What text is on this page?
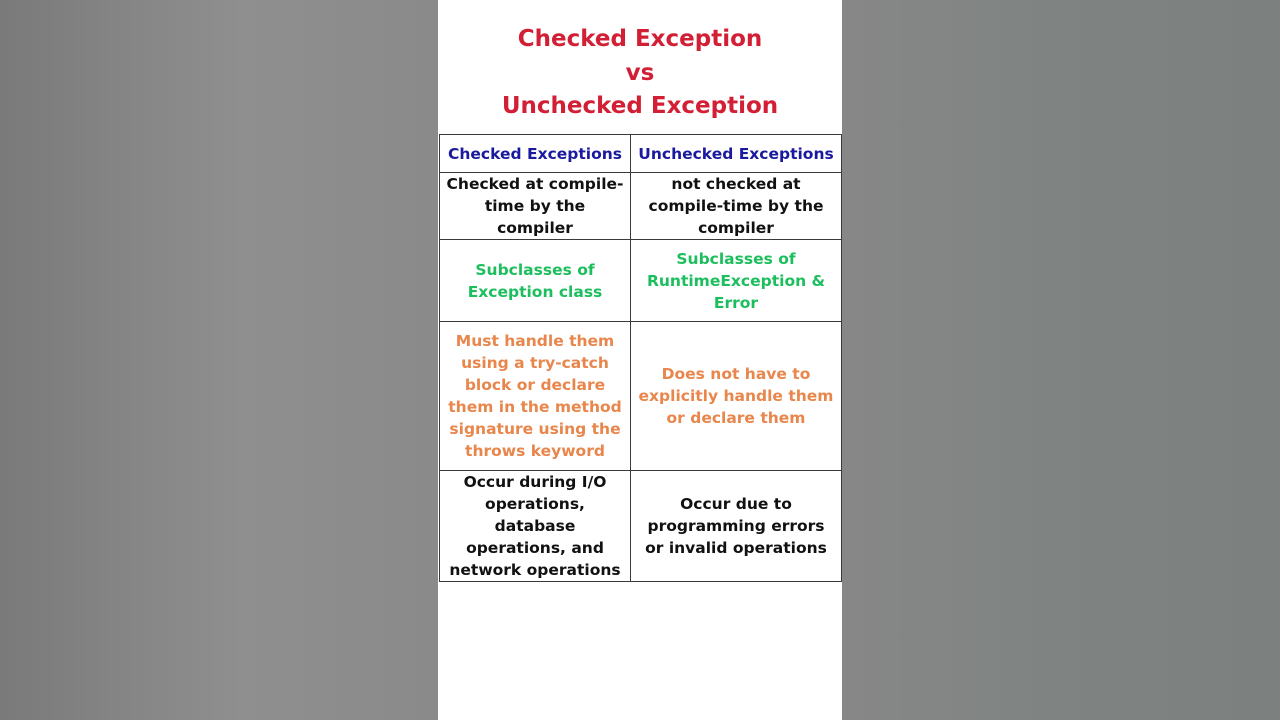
Checked Exception
vs
Unchecked Exception
Checked Exceptions	Unchecked Exceptions
Checked at compile-time by the compiler	not checked at compile-time by the compiler
Subclasses of Exception class	Subclasses of RuntimeException & Error
Must handle them using a try-catch block or declare them in the method signature using the throws keyword	Does not have to explicitly handle them or declare them
Occur during I/O operations, database operations, and network operations	Occur due to programming errors or invalid operations
